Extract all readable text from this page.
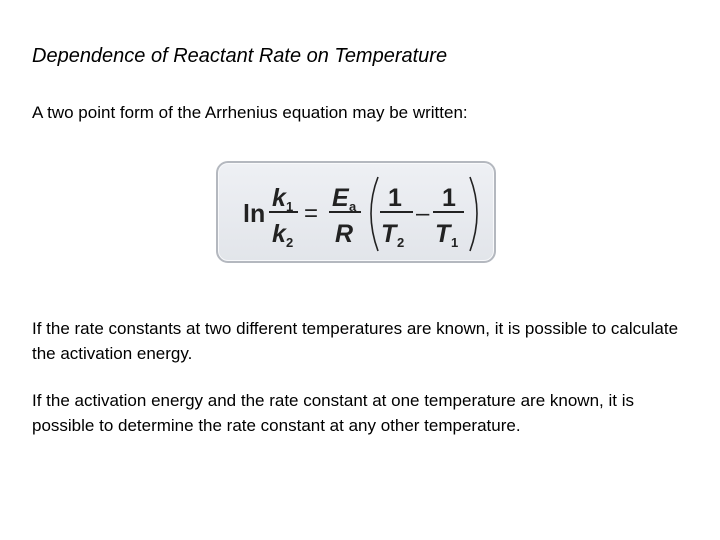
Dependence of Reactant Rate on Temperature
A two point form of the Arrhenius equation may be written:
ln
k 1
k 2
=
E a
R
1
T 2
–
1
T 1
If the rate constants at two different temperatures are known, it is possible to calculate the activation energy.
If the activation energy and the rate constant at one temperature are known, it is possible to determine the rate constant at any other temperature.
